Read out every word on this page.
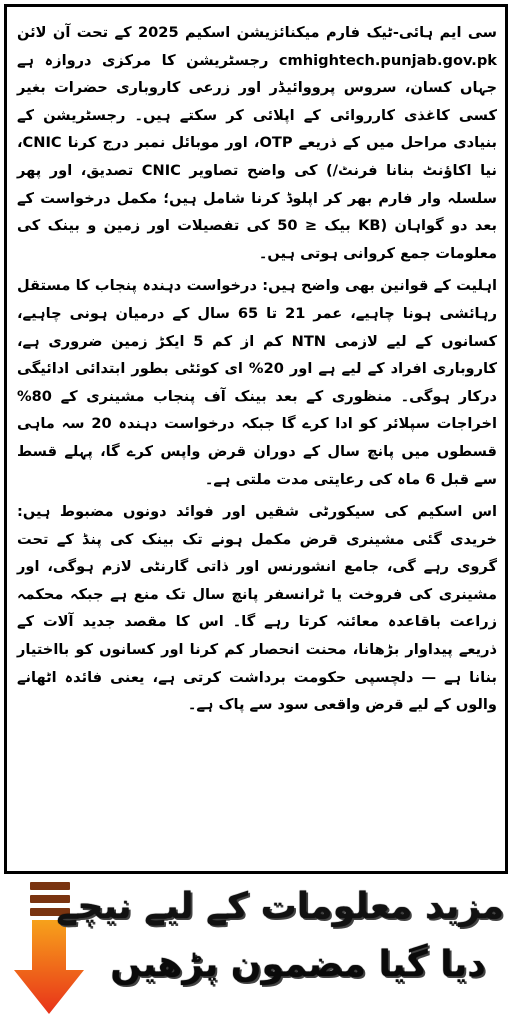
سی ایم ہائی-ٹیک فارم میکنائزیشن اسکیم 2025 کے تحت آن لائن cmhightech.punjab.gov.pk رجسٹریشن کا مرکزی دروازہ ہے جہاں کسان، سروس پرووائیڈر اور زرعی کاروباری حضرات بغیر کسی کاغذی کارروائی کے اپلائی کر سکتے ہیں۔ رجسٹریشن کے بنیادی مراحل میں کے ذریعے OTP، اور موبائل نمبر درج کرنا CNIC، نیا اکاؤنٹ بنانا فرنٹ/) کی واضح تصاویر CNIC تصدیق، اور پھر سلسلہ وار فارم بھر کر اپلوڈ کرنا شامل ہیں؛ مکمل درخواست کے بعد دو گواہان (KB بیک ≤ 50 کی تفصیلات اور زمین و بینک کی معلومات جمع کروانی ہوتی ہیں۔

اہلیت کے قوانین بھی واضح ہیں: درخواست دہندہ پنجاب کا مستقل رہائشی ہونا چاہیے، عمر 21 تا 65 سال کے درمیان ہونی چاہیے، کسانوں کے لیے لازمی NTN کم از کم 5 ایکڑ زمین ضروری ہے، کاروباری افراد کے لیے ہے اور 20% ای کوئٹی بطور ابتدائی ادائیگی درکار ہوگی۔ منظوری کے بعد بینک آف پنجاب مشینری کے 80% اخراجات سپلائر کو ادا کرے گا جبکہ درخواست دہندہ 20 سہ ماہی قسطوں میں پانچ سال کے دوران قرض واپس کرے گا، پہلے قسط سے قبل 6 ماہ کی رعایتی مدت ملتی ہے۔

اس اسکیم کی سیکورٹی شقیں اور فوائد دونوں مضبوط ہیں: خریدی گئی مشینری قرض مکمل ہونے تک بینک کی پنڈ کے تحت گروی رہے گی، جامع انشورنس اور ذاتی گارنٹی لازم ہوگی، اور مشینری کی فروخت یا ٹرانسفر پانچ سال تک منع ہے جبکہ محکمہ زراعت باقاعدہ معائنہ کرتا رہے گا۔ اس کا مقصد جدید آلات کے ذریعے پیداوار بڑھانا، محنت انحصار کم کرنا اور کسانوں کو بااختیار بنانا ہے — دلچسپی حکومت برداشت کرتی ہے، یعنی فائدہ اٹھانے والوں کے لیے قرض واقعی سود سے پاک ہے۔

مزید معلومات کے لیے نیچے
دیا گیا مضمون پڑھیں
